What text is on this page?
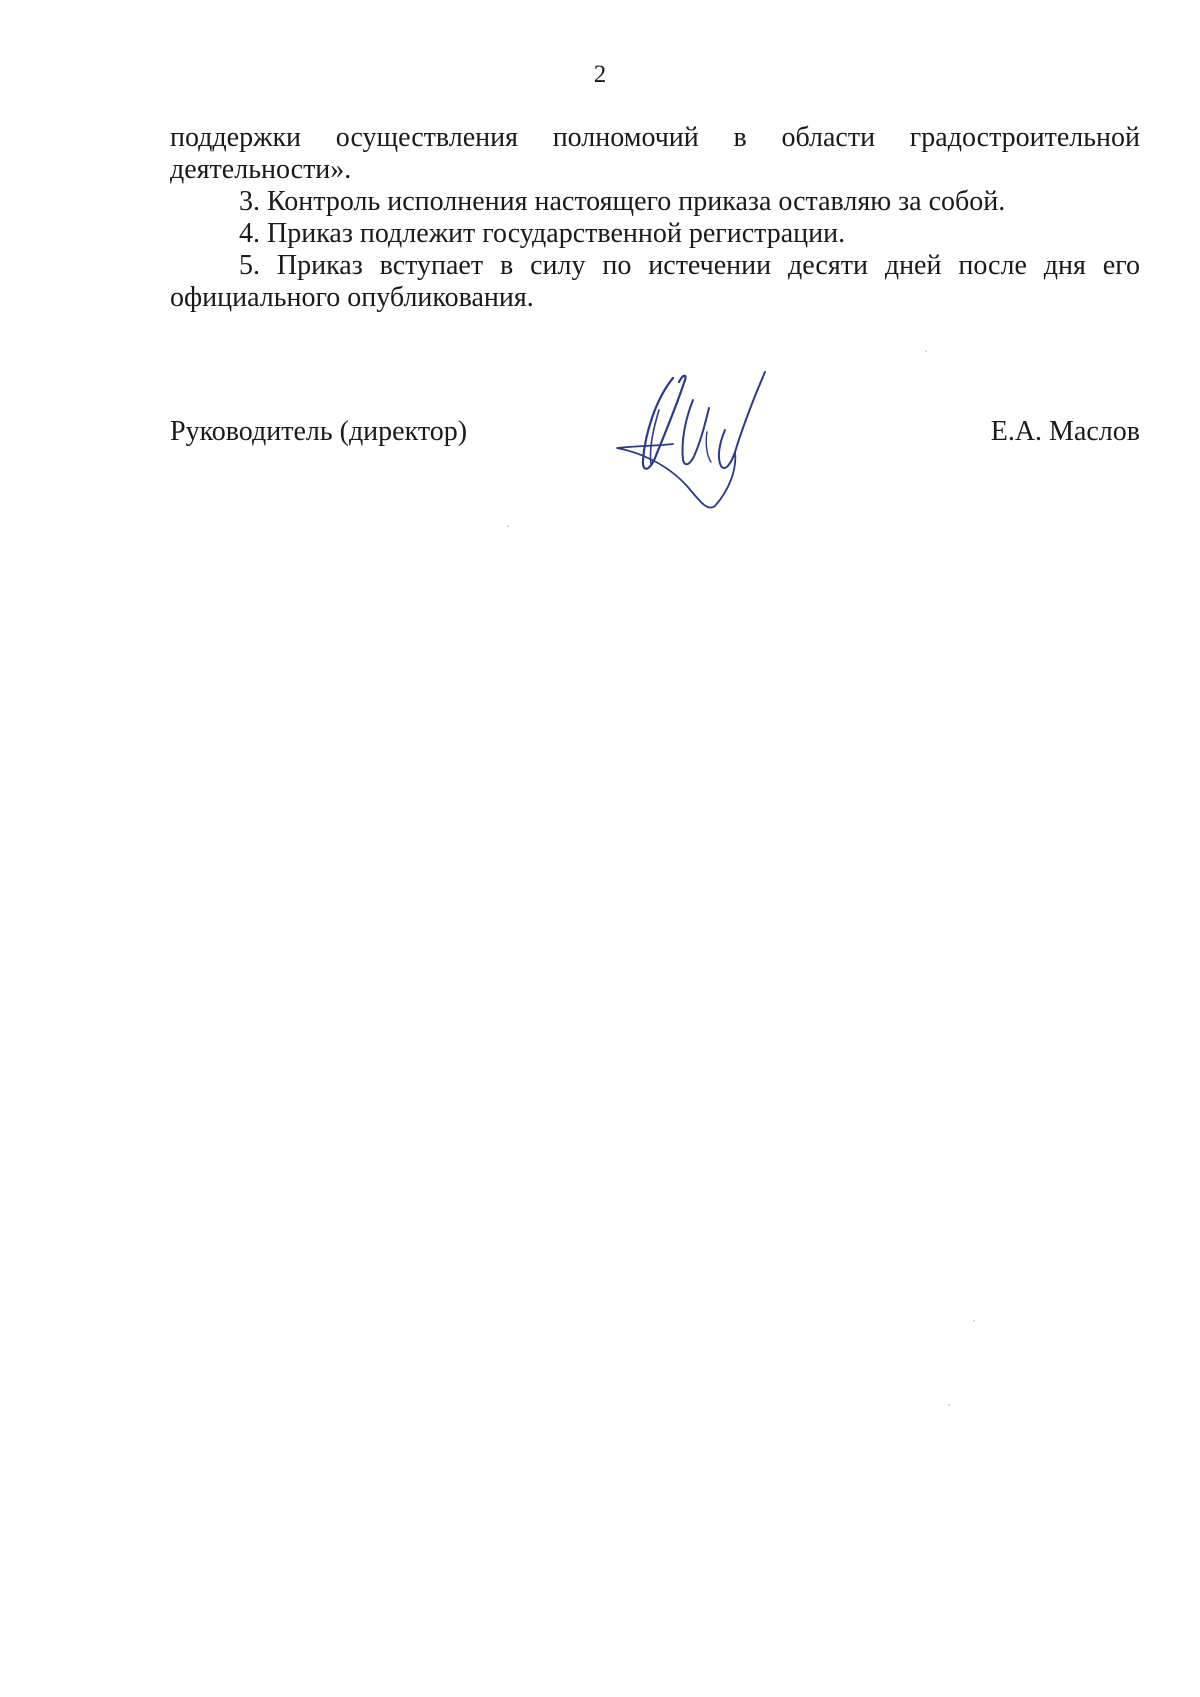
2

поддержки осуществления полномочий в области градостроительной деятельности».

3. Контроль исполнения настоящего приказа оставляю за собой.

4. Приказ подлежит государственной регистрации.

5. Приказ вступает в силу по истечении десяти дней после дня его официального опубликования.

Руководитель (директор)	Е.А. Маслов
